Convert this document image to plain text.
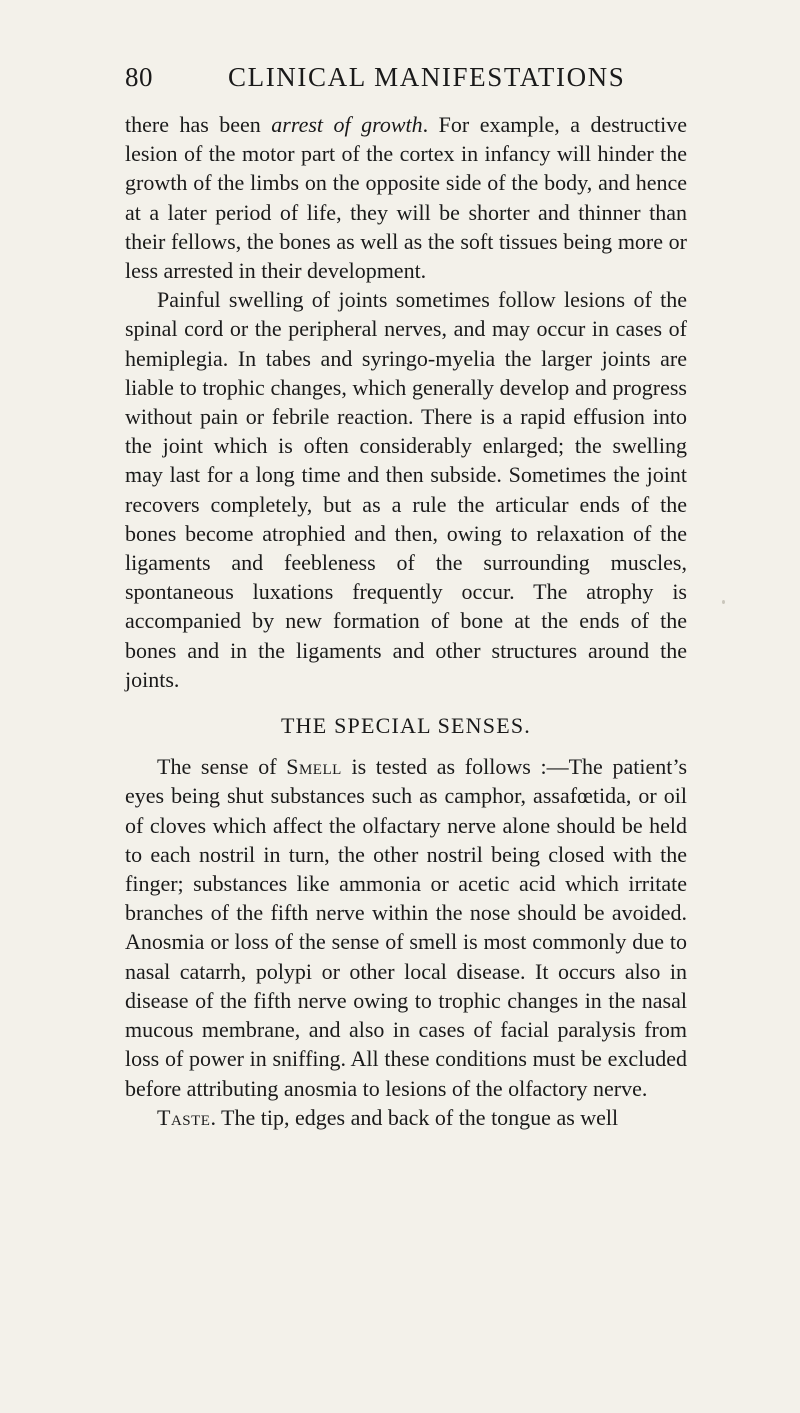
80	CLINICAL MANIFESTATIONS

there has been arrest of growth. For example, a destructive lesion of the motor part of the cortex in infancy will hinder the growth of the limbs on the opposite side of the body, and hence at a later period of life, they will be shorter and thinner than their fellows, the bones as well as the soft tissues being more or less arrested in their development.

Painful swelling of joints sometimes follow lesions of the spinal cord or the peripheral nerves, and may occur in cases of hemiplegia. In tabes and syringo-myelia the larger joints are liable to trophic changes, which generally develop and progress without pain or febrile reaction. There is a rapid effusion into the joint which is often considerably enlarged; the swelling may last for a long time and then subside. Sometimes the joint recovers completely, but as a rule the articular ends of the bones become atrophied and then, owing to relaxation of the ligaments and feebleness of the surrounding muscles, spontaneous luxations frequently occur. The atrophy is accompanied by new formation of bone at the ends of the bones and in the ligaments and other structures around the joints.

THE SPECIAL SENSES.

The sense of Smell is tested as follows :—The patient’s eyes being shut substances such as camphor, assafœtida, or oil of cloves which affect the olfactary nerve alone should be held to each nostril in turn, the other nostril being closed with the finger; substances like ammonia or acetic acid which irritate branches of the fifth nerve within the nose should be avoided. Anosmia or loss of the sense of smell is most commonly due to nasal catarrh, polypi or other local disease. It occurs also in disease of the fifth nerve owing to trophic changes in the nasal mucous membrane, and also in cases of facial paralysis from loss of power in sniffing. All these conditions must be excluded before attributing anosmia to lesions of the olfactory nerve.

Taste. The tip, edges and back of the tongue as well
